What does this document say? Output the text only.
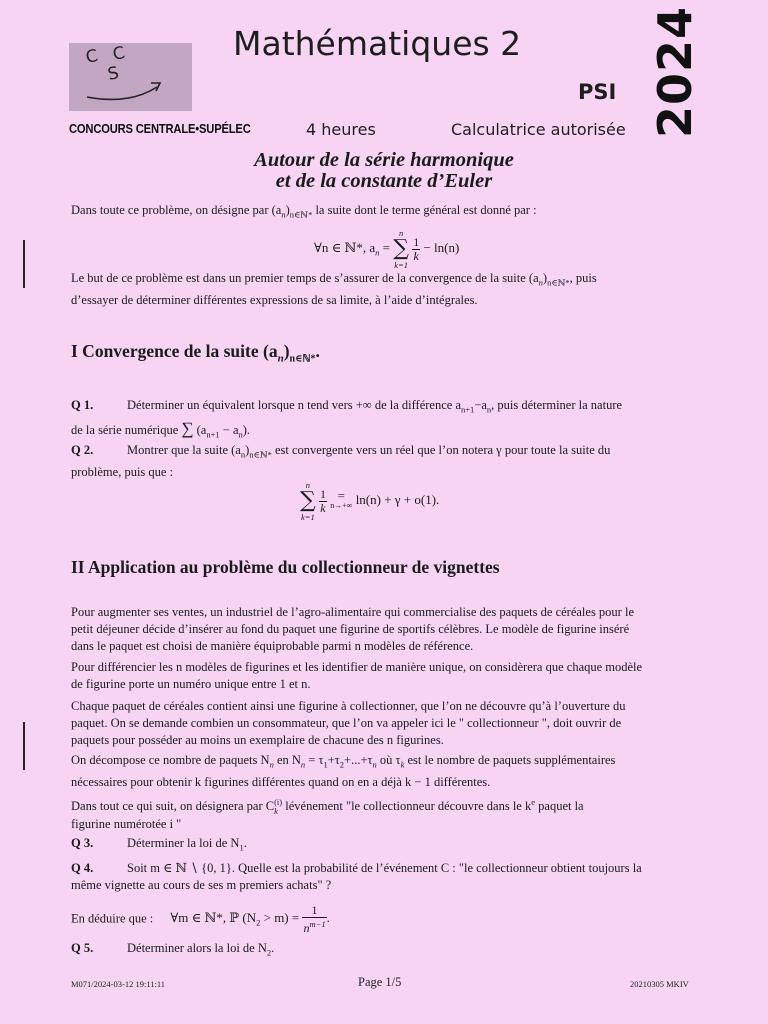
C C
S
CONCOURS CENTRALE•SUPÉLEC
Mathématiques 2
PSI
4 heures	Calculatrice autorisée 2024
Autour de la série harmonique
et de la constante d’Euler
Dans toute ce problème, on désigne par $(a_n)_{n\in ℕ*}$ la suite dont le terme général est donné par :
∀n ∈ ℕ*, $a_n$ =
n
∑
k=1

$\frac{1}{k} - \ln(n)$
Le but de ce problème est dans un premier temps de s’assurer de la convergence de la suite $(a_n)_{n\in ℕ*}$, puis
d’essayer de déterminer différentes expressions de sa limite, à l’aide d’intégrales.
I Convergence de la suite $(a_n)_{n\in ℕ*}$.
Q 1.	Déterminer un équivalent lorsque n tend vers +∞ de la différence $a_{n+1}-a_n$, puis déterminer la nature
de la série numérique ∑ $(a_{n+1} - a_n)$.
Q 2.	Montrer que la suite $(a_n)_{n\in ℕ*}$ est convergente vers un réel que l’on notera γ pour toute la suite du
problème, puis que :
n
∑
k=1

$\frac{1}{k}$
=
n→+∞ ln(n) + γ + o(1).
II Application au problème du collectionneur de vignettes
Pour augmenter ses ventes, un industriel de l’agro-alimentaire qui commercialise des paquets de céréales pour le
petit déjeuner décide d’insérer au fond du paquet une figurine de sportifs célèbres. Le modèle de figurine inséré
dans le paquet est choisi de manière équiprobable parmi n modèles de référence.
Pour différencier les n modèles de figurines et les identifier de manière unique, on considèrera que chaque modèle
de figurine porte un numéro unique entre 1 et n.
Chaque paquet de céréales contient ainsi une figurine à collectionner, que l’on ne découvre qu’à l’ouverture du
paquet. On se demande combien un consommateur, que l’on va appeler ici le " collectionneur ", doit ouvrir de
paquets pour posséder au moins un exemplaire de chacune des n figurines.
On décompose ce nombre de paquets $N_n$ en $N_n = \tau_1+\tau_2+...+\tau_n$ où $\tau_k$ est le nombre de paquets supplémentaires
nécessaires pour obtenir k figurines différentes quand on en a déjà k − 1 différentes.
Dans tout ce qui suit, on désignera par C (i)
k lévénement "le collectionneur découvre dans le $k^e$ paquet la
figurine numérotée i "
Q 3.	Déterminer la loi de $N_1$.
Q 4.	Soit m ∈ ℕ ∖ {0, 1}. Quelle est la probabilité de l’événement C : "le collectionneur obtient toujours la
même vignette au cours de ses m premiers achats" ?
En déduire que : ∀m ∈ ℕ*, ℙ $(N_2 > m) = \frac{1}{n^{m-1}}$ .
Q 5.	Déterminer alors la loi de $N_2$.
M071/2024-03-12 19:11:11	Page 1/5	20210305 MKIV
